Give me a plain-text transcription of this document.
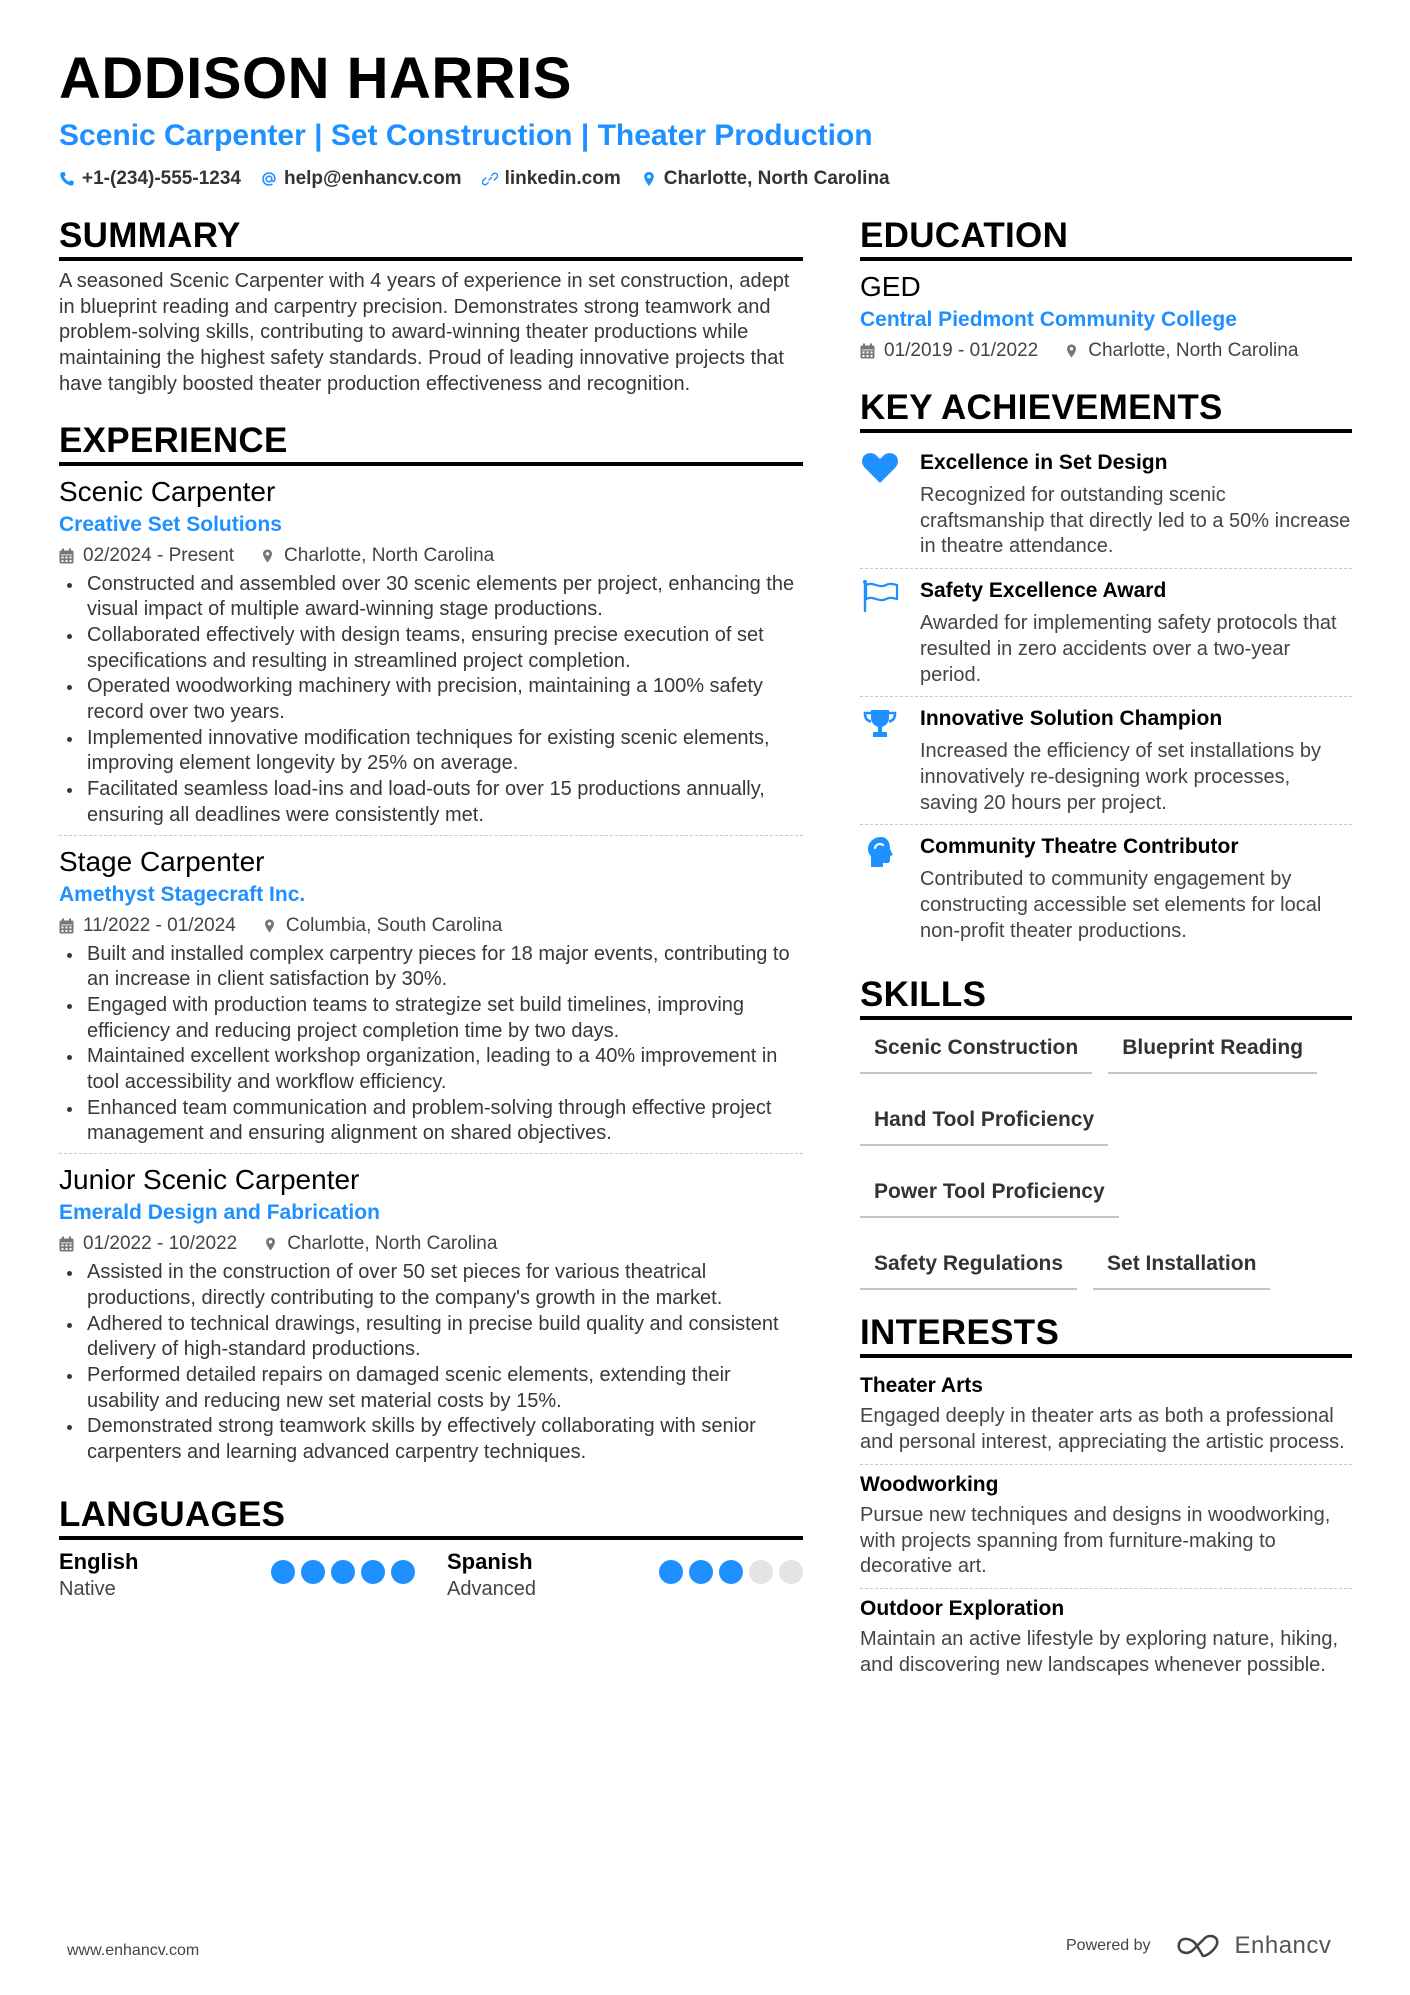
ADDISON HARRIS
Scenic Carpenter | Set Construction | Theater Production
+1-(234)-555-1234 help@enhancv.com linkedin.com Charlotte, North Carolina
SUMMARY

A seasoned Scenic Carpenter with 4 years of experience in set construction, adept in blueprint reading and carpentry precision. Demonstrates strong teamwork and problem-solving skills, contributing to award-winning theater productions while maintaining the highest safety standards. Proud of leading innovative projects that have tangibly boosted theater production effectiveness and recognition.

EXPERIENCE
Scenic Carpenter
Creative Set Solutions
02/2024 - Present	Charlotte, North Carolina
Constructed and assembled over 30 scenic elements per project, enhancing the visual impact of multiple award-winning stage productions.
Collaborated effectively with design teams, ensuring precise execution of set specifications and resulting in streamlined project completion.
Operated woodworking machinery with precision, maintaining a 100% safety record over two years.
Implemented innovative modification techniques for existing scenic elements, improving element longevity by 25% on average.
Facilitated seamless load-ins and load-outs for over 15 productions annually, ensuring all deadlines were consistently met.
Stage Carpenter
Amethyst Stagecraft Inc.
11/2022 - 01/2024	Columbia, South Carolina
Built and installed complex carpentry pieces for 18 major events, contributing to an increase in client satisfaction by 30%.
Engaged with production teams to strategize set build timelines, improving efficiency and reducing project completion time by two days.
Maintained excellent workshop organization, leading to a 40% improvement in tool accessibility and workflow efficiency.
Enhanced team communication and problem-solving through effective project management and ensuring alignment on shared objectives.
Junior Scenic Carpenter
Emerald Design and Fabrication
01/2022 - 10/2022	Charlotte, North Carolina
Assisted in the construction of over 50 set pieces for various theatrical productions, directly contributing to the company's growth in the market.
Adhered to technical drawings, resulting in precise build quality and consistent delivery of high-standard productions.
Performed detailed repairs on damaged scenic elements, extending their usability and reducing new set material costs by 15%.
Demonstrated strong teamwork skills by effectively collaborating with senior carpenters and learning advanced carpentry techniques.
LANGUAGES
English
Native
Spanish
Advanced
EDUCATION
GED
Central Piedmont Community College
01/2019 - 01/2022	Charlotte, North Carolina
KEY ACHIEVEMENTS
Excellence in Set Design
Recognized for outstanding scenic craftsmanship that directly led to a 50% increase in theatre attendance.
Safety Excellence Award
Awarded for implementing safety protocols that resulted in zero accidents over a two-year period.
Innovative Solution Champion
Increased the efficiency of set installations by innovatively re-designing work processes, saving 20 hours per project.
Community Theatre Contributor
Contributed to community engagement by constructing accessible set elements for local non-profit theater productions.
SKILLS
Scenic Construction	Blueprint Reading
Hand Tool Proficiency
Power Tool Proficiency
Safety Regulations	Set Installation
INTERESTS
Theater Arts
Engaged deeply in theater arts as both a professional and personal interest, appreciating the artistic process.
Woodworking
Pursue new techniques and designs in woodworking, with projects spanning from furniture-making to decorative art.
Outdoor Exploration
Maintain an active lifestyle by exploring nature, hiking, and discovering new landscapes whenever possible.
www.enhancv.com	Powered by	Enhancv
